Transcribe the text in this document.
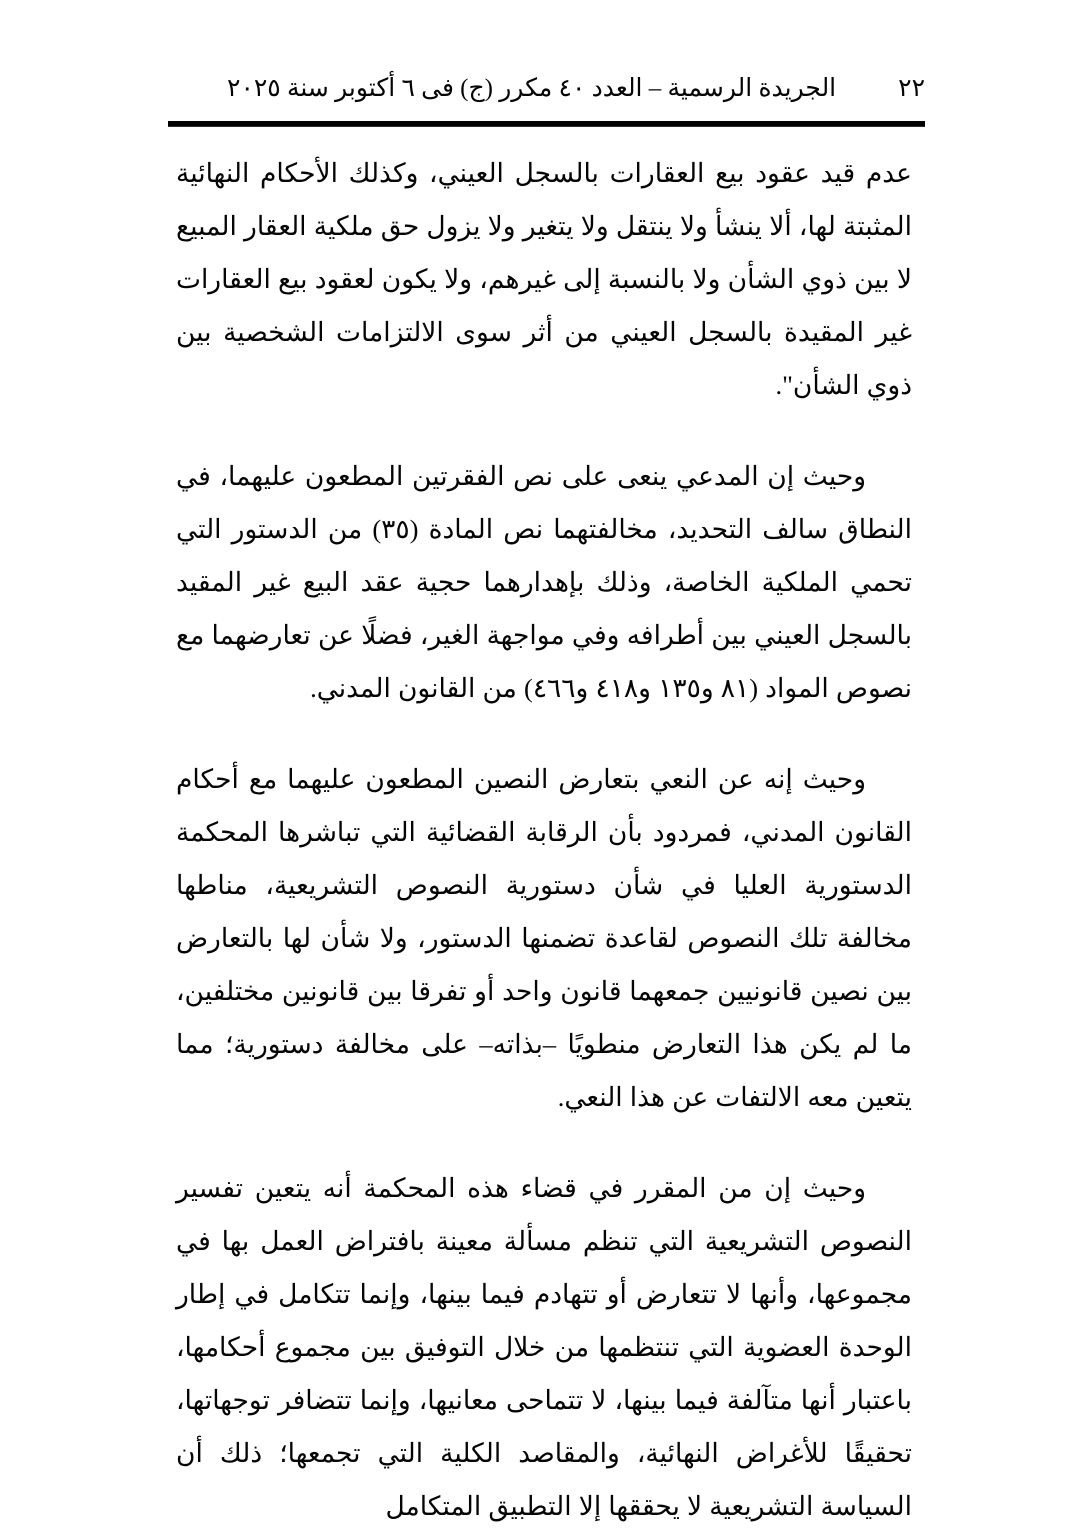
٢٢
الجريدة الرسمية – العدد ٤٠ مكرر (ج) فى ٦ أكتوبر سنة ٢٠٢٥

عدم قيد عقود بيع العقارات بالسجل العيني، وكذلك الأحكام النهائية المثبتة لها، ألا ينشأ ولا ينتقل ولا يتغير ولا يزول حق ملكية العقار المبيع لا بين ذوي الشأن ولا بالنسبة إلى غيرهم، ولا يكون لعقود بيع العقارات غير المقيدة بالسجل العيني من أثر سوى الالتزامات الشخصية بين ذوي الشأن".

وحيث إن المدعي ينعى على نص الفقرتين المطعون عليهما، في النطاق سالف التحديد، مخالفتهما نص المادة (٣٥) من الدستور التي تحمي الملكية الخاصة، وذلك بإهدارهما حجية عقد البيع غير المقيد بالسجل العيني بين أطرافه وفي مواجهة الغير، فضلًا عن تعارضهما مع نصوص المواد (٨١ و١٣٥ و٤١٨ و٤٦٦) من القانون المدني.

وحيث إنه عن النعي بتعارض النصين المطعون عليهما مع أحكام القانون المدني، فمردود بأن الرقابة القضائية التي تباشرها المحكمة الدستورية العليا في شأن دستورية النصوص التشريعية، مناطها مخالفة تلك النصوص لقاعدة تضمنها الدستور، ولا شأن لها بالتعارض بين نصين قانونيين جمعهما قانون واحد أو تفرقا بين قانونين مختلفين، ما لم يكن هذا التعارض منطويًا –بذاته– على مخالفة دستورية؛ مما يتعين معه الالتفات عن هذا النعي.

وحيث إن من المقرر في قضاء هذه المحكمة أنه يتعين تفسير النصوص التشريعية التي تنظم مسألة معينة بافتراض العمل بها في مجموعها، وأنها لا تتعارض أو تتهادم فيما بينها، وإنما تتكامل في إطار الوحدة العضوية التي تنتظمها من خلال التوفيق بين مجموع أحكامها، باعتبار أنها متآلفة فيما بينها، لا تتماحى معانيها، وإنما تتضافر توجهاتها، تحقيقًا للأغراض النهائية، والمقاصد الكلية التي تجمعها؛ ذلك أن السياسة التشريعية لا يحققها إلا التطبيق المتكامل
